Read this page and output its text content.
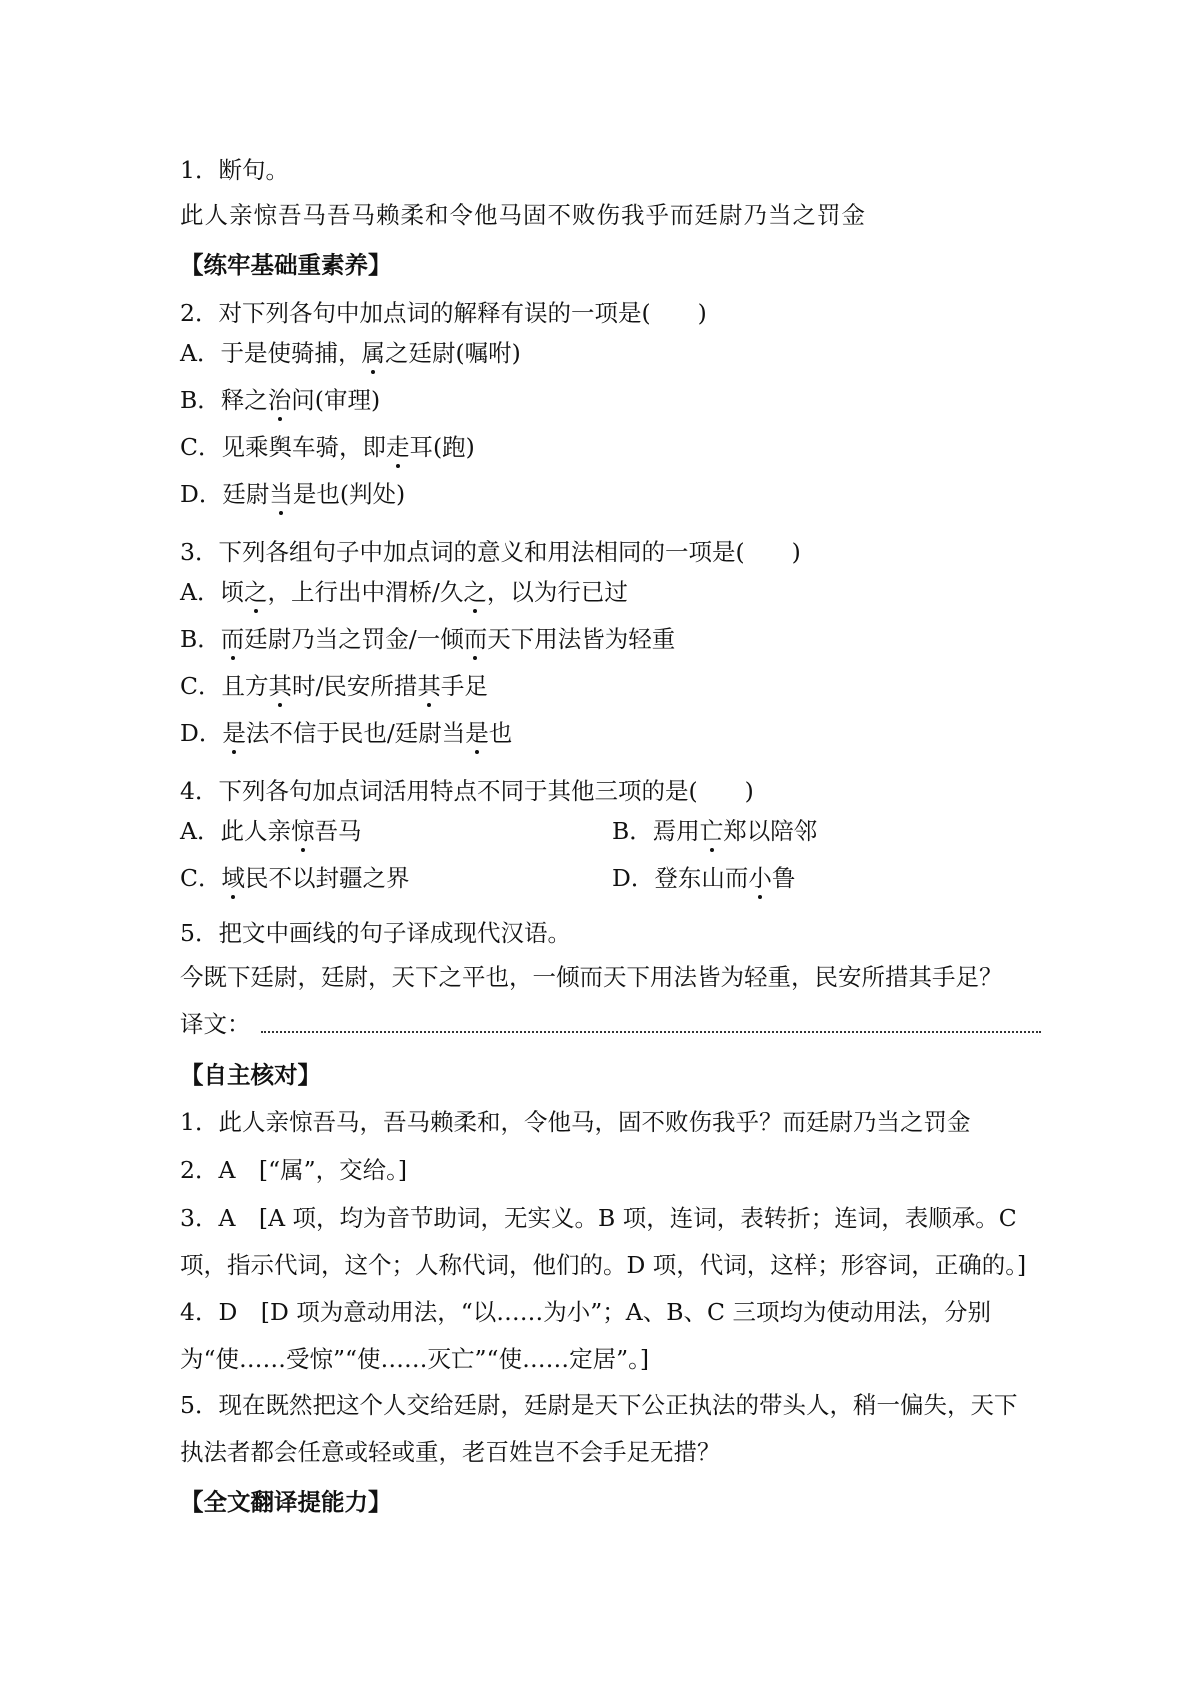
1．断句。
此人亲惊吾马吾马赖柔和令他马固不败伤我乎而廷尉乃当之罚金
【练牢基础重素养】
2．对下列各句中加点词的解释有误的一项是(　　)
A．于是使骑捕，属之廷尉(嘱咐)
B．释之治问(审理)
C．见乘舆车骑，即走耳(跑)
D．廷尉当是也(判处)
3．下列各组句子中加点词的意义和用法相同的一项是(　　)
A．顷之，上行出中渭桥/久之，以为行已过
B．而廷尉乃当之罚金/一倾而天下用法皆为轻重
C．且方其时/民安所措其手足
D．是法不信于民也/廷尉当是也
4．下列各句加点词活用特点不同于其他三项的是(　　)
A．此人亲惊吾马	B．焉用亡郑以陪邻
C．域民不以封疆之界	D．登东山而小鲁
5．把文中画线的句子译成现代汉语。
今既下廷尉，廷尉，天下之平也，一倾而天下用法皆为轻重，民安所措其手足？
译文：
【自主核对】
1．此人亲惊吾马，吾马赖柔和，令他马，固不败伤我乎？而廷尉乃当之罚金
2．A　[“属”，交给。]
3．A　[A 项，均为音节助词，无实义。B 项，连词，表转折；连词，表顺承。C
项，指示代词，这个；人称代词，他们的。D 项，代词，这样；形容词，正确的。]
4．D　[D 项为意动用法，“以……为小”；A、B、C 三项均为使动用法，分别
为“使……受惊”“使……灭亡”“使……定居”。]
5．现在既然把这个人交给廷尉，廷尉是天下公正执法的带头人，稍一偏失，天下
执法者都会任意或轻或重，老百姓岂不会手足无措？
【全文翻译提能力】
